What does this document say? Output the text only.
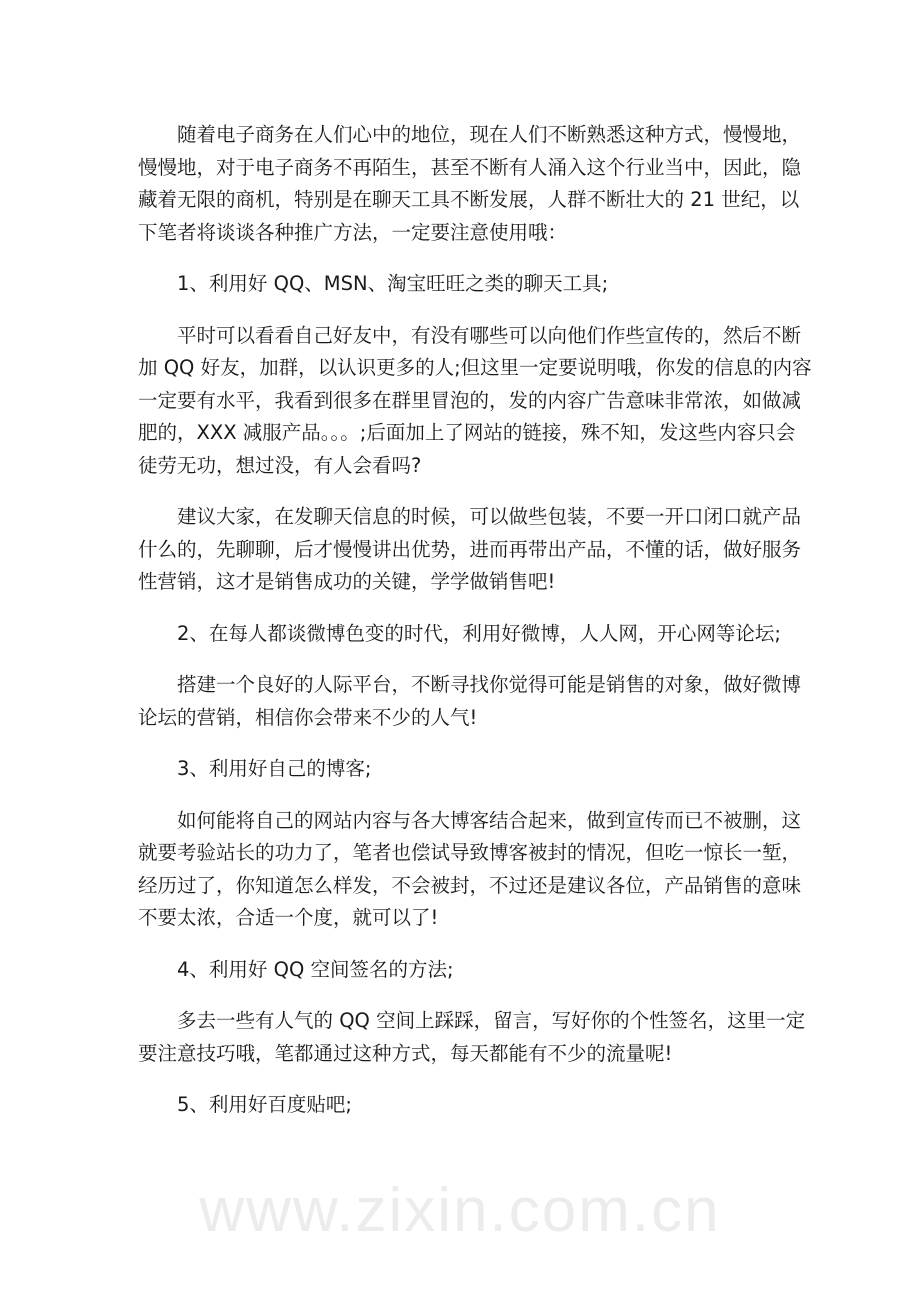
www.zixin.com.cn
随着电子商务在人们心中的地位，现在人们不断熟悉这种方式，慢慢地，
慢慢地，对于电子商务不再陌生，甚至不断有人涌入这个行业当中，因此，隐
藏着无限的商机，特别是在聊天工具不断发展，人群不断壮大的 21 世纪，以
下笔者将谈谈各种推广方法，一定要注意使用哦：
1、利用好 QQ、MSN、淘宝旺旺之类的聊天工具;
平时可以看看自己好友中，有没有哪些可以向他们作些宣传的，然后不断
加 QQ 好友，加群，以认识更多的人;但这里一定要说明哦，你发的信息的内容
一定要有水平，我看到很多在群里冒泡的，发的内容广告意味非常浓，如做减
肥的，XXX 减服产品。。。;后面加上了网站的链接，殊不知，发这些内容只会
徒劳无功，想过没，有人会看吗?
建议大家，在发聊天信息的时候，可以做些包装，不要一开口闭口就产品
什么的，先聊聊，后才慢慢讲出优势，进而再带出产品，不懂的话，做好服务
性营销，这才是销售成功的关键，学学做销售吧!
2、在每人都谈微博色变的时代，利用好微博，人人网，开心网等论坛;
搭建一个良好的人际平台，不断寻找你觉得可能是销售的对象，做好微博
论坛的营销，相信你会带来不少的人气!
3、利用好自己的博客;
如何能将自己的网站内容与各大博客结合起来，做到宣传而已不被删，这
就要考验站长的功力了，笔者也偿试导致博客被封的情况，但吃一惊长一堑，
经历过了，你知道怎么样发，不会被封，不过还是建议各位，产品销售的意味
不要太浓，合适一个度，就可以了!
4、利用好 QQ 空间签名的方法;
多去一些有人气的 QQ 空间上踩踩，留言，写好你的个性签名，这里一定
要注意技巧哦，笔都通过这种方式，每天都能有不少的流量呢!
5、利用好百度贴吧;
